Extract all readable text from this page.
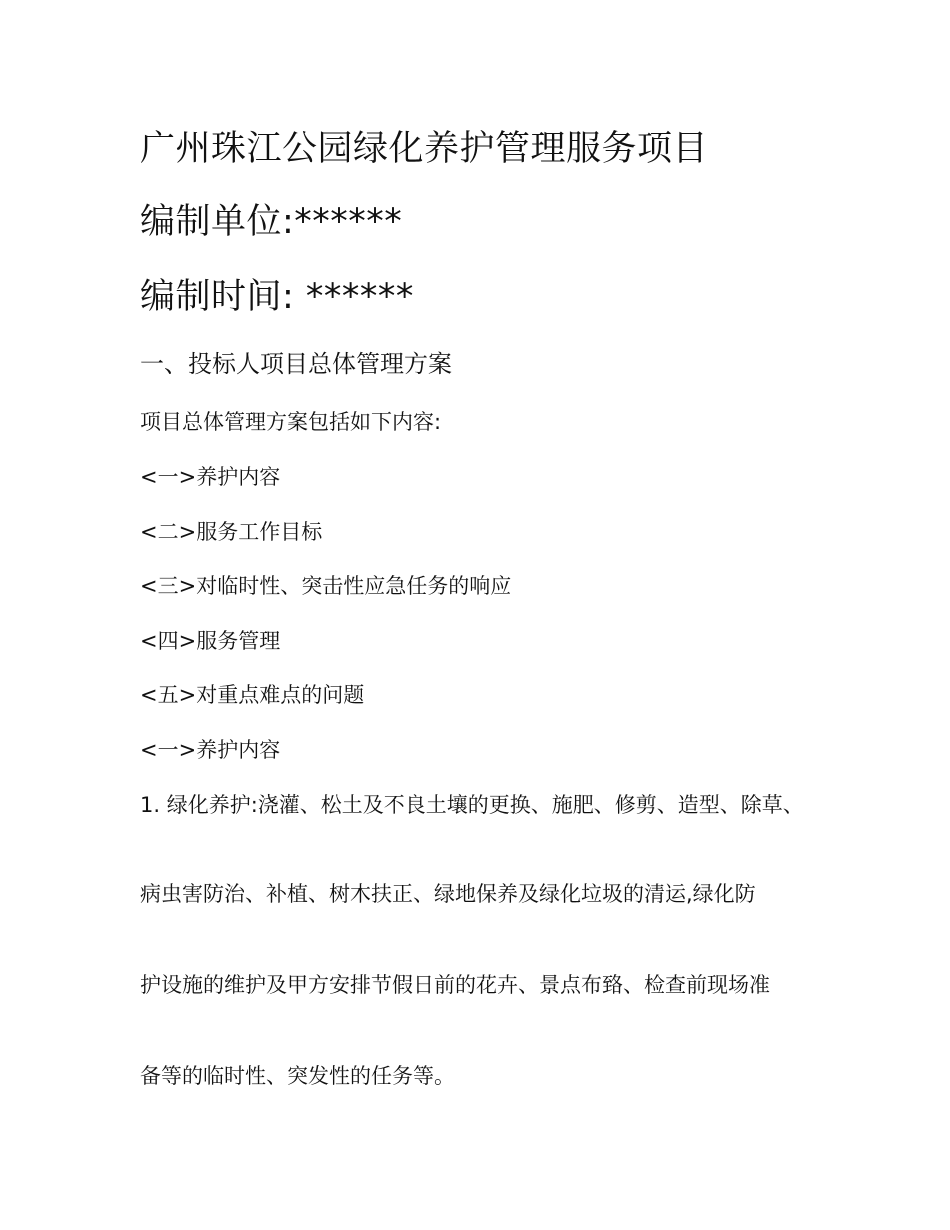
广州珠江公园绿化养护管理服务项目
编制单位:******
编制时间: ******
一、投标人项目总体管理方案
项目总体管理方案包括如下内容:
<一>养护内容
<二>服务工作目标
<三>对临时性、突击性应急任务的响应
<四>服务管理
<五>对重点难点的问题
<一>养护内容
1. 绿化养护:浇灌、松土及不良土壤的更换、施肥、修剪、造型、除草、
病虫害防治、补植、树木扶正、绿地保养及绿化垃圾的清运,绿化防
护设施的维护及甲方安排节假日前的花卉、景点布臵、检查前现场准
备等的临时性、突发性的任务等。
